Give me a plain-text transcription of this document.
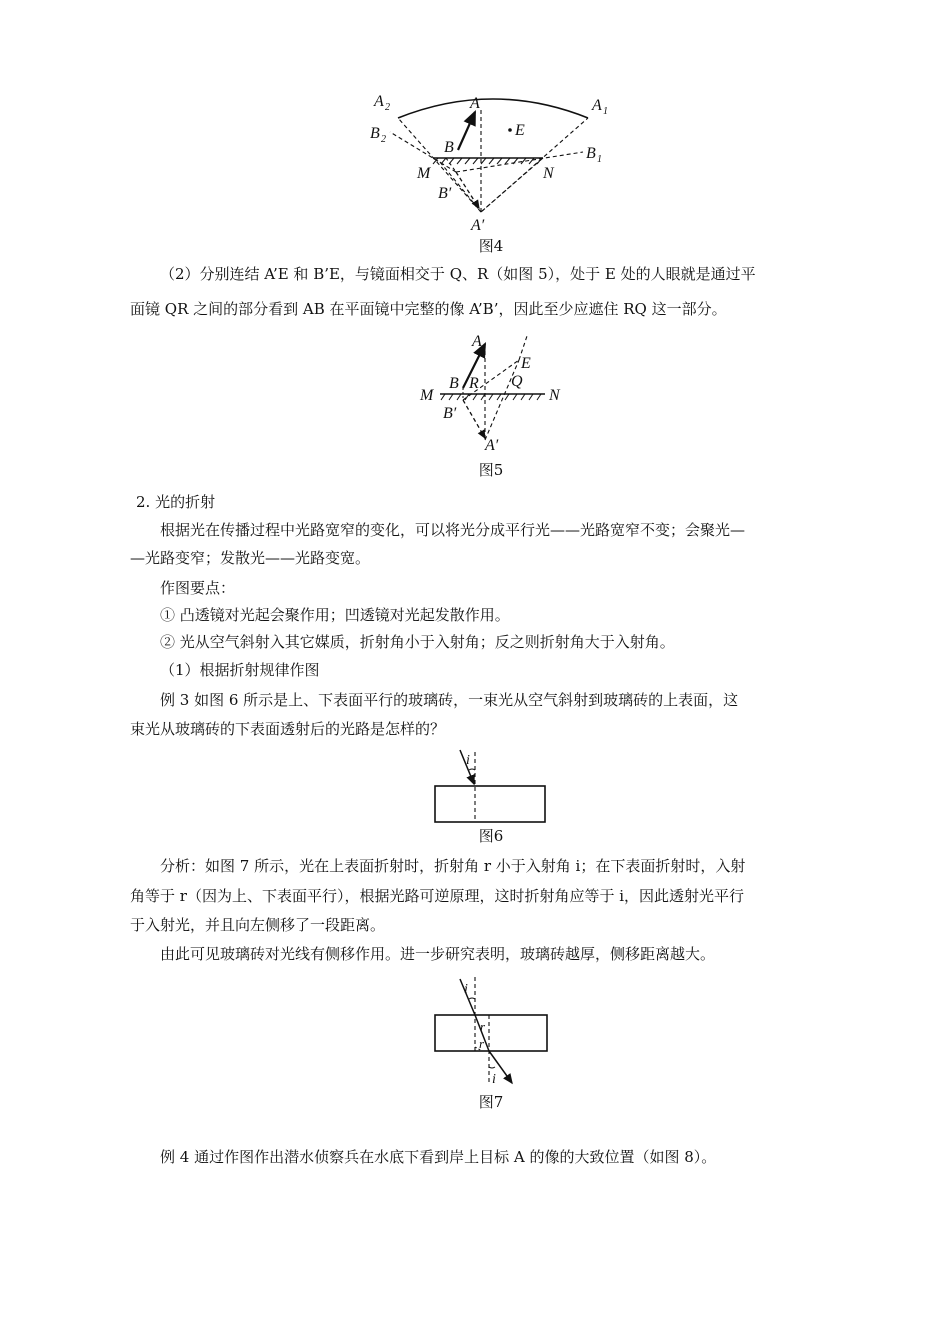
A 2	A 1
B 2
B 1
A
B
E
M	N
B′
A′
图4
（2）分别连结 A’E 和 B’E，与镜面相交于 Q、R（如图 5），处于 E 处的人眼就是通过平
面镜 QR 之间的部分看到 AB 在平面镜中完整的像 A’B’，因此至少应遮住 RQ 这一部分。
A
E
B R Q
M	N
B′
A′
图5
2. 光的折射
根据光在传播过程中光路宽窄的变化，可以将光分成平行光——光路宽窄不变；会聚光—
—光路变窄；发散光——光路变宽。
作图要点：
① 凸透镜对光起会聚作用；凹透镜对光起发散作用。
② 光从空气斜射入其它媒质，折射角小于入射角；反之则折射角大于入射角。
（1）根据折射规律作图
例 3 如图 6 所示是上、下表面平行的玻璃砖，一束光从空气斜射到玻璃砖的上表面，这
束光从玻璃砖的下表面透射后的光路是怎样的？
i
图6
分析：如图 7 所示，光在上表面折射时，折射角 r 小于入射角 i；在下表面折射时，入射
角等于 r（因为上、下表面平行），根据光路可逆原理，这时折射角应等于 i，因此透射光平行
于入射光，并且向左侧移了一段距离。
由此可见玻璃砖对光线有侧移作用。进一步研究表明，玻璃砖越厚，侧移距离越大。
i
r
r
i
图7
例 4 通过作图作出潜水侦察兵在水底下看到岸上目标 A 的像的大致位置（如图 8）。
